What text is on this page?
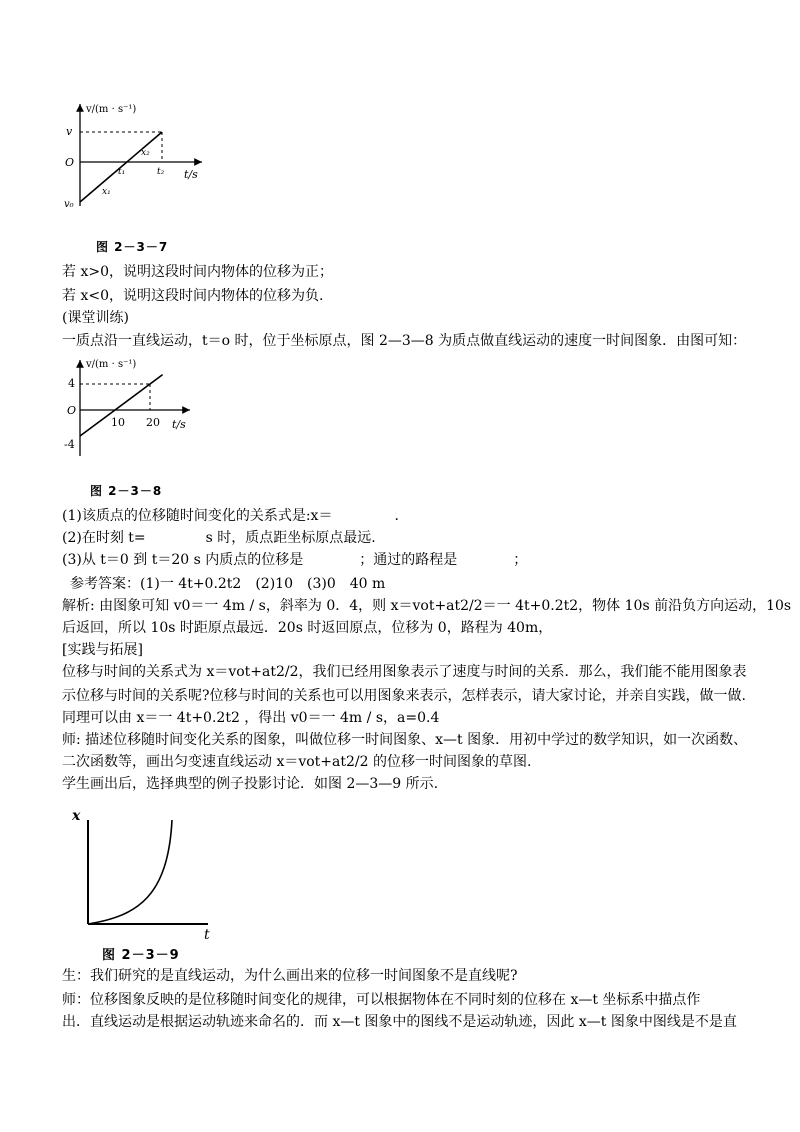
v/(m · s⁻¹)
v
O
v₀
t₁	t₂ t/s
x₁
x₂
图 2－3－7
若 x>0，说明这段时间内物体的位移为正；
若 x<0，说明这段时间内物体的位移为负.
(课堂训练)
一质点沿一直线运动，t＝o 时，位于坐标原点，图 2—3—8 为质点做直线运动的速度一时间图象．由图可知：
v/(m · s⁻¹)
4
O
-4
10 20 t/s
图 2－3－8
(1)该质点的位移随时间变化的关系式是:x＝	.
(2)在时刻 t=	s 时，质点距坐标原点最远.
(3)从 t＝0 到 t＝20 s 内质点的位移是	；通过的路程是	；
参考答案：(1)一 4t+0.2t2　(2)10　(3)0　40 m
解析: 由图象可知 v0＝一 4m / s，斜率为 0．4，则 x＝vot+at2/2＝一 4t+0.2t2，物体 10s 前沿负方向运动，10s
后返回，所以 10s 时距原点最远．20s 时返回原点，位移为 0，路程为 40m，
[实践与拓展]
位移与时间的关系式为 x＝vot+at2/2，我们已经用图象表示了速度与时间的关系．那么，我们能不能用图象表
示位移与时间的关系呢?位移与时间的关系也可以用图象来表示，怎样表示，请大家讨论，并亲自实践，做一做.
同理可以由 x＝一 4t+0.2t2 ，得出 v0＝一 4m / s，a=0.4
师: 描述位移随时间变化关系的图象，叫做位移一时间图象、x—t 图象．用初中学过的数学知识，如一次函数、
二次函数等，画出匀变速直线运动 x＝vot+at2/2 的位移一时间图象的草图.
学生画出后，选择典型的例子投影讨论．如图 2—3—9 所示.
x
t
图 2－3－9
生：我们研究的是直线运动，为什么画出来的位移一时间图象不是直线呢?
师：位移图象反映的是位移随时间变化的规律，可以根据物体在不同时刻的位移在 x—t 坐标系中描点作
出．直线运动是根据运动轨迹来命名的．而 x—t 图象中的图线不是运动轨迹，因此 x—t 图象中图线是不是直
